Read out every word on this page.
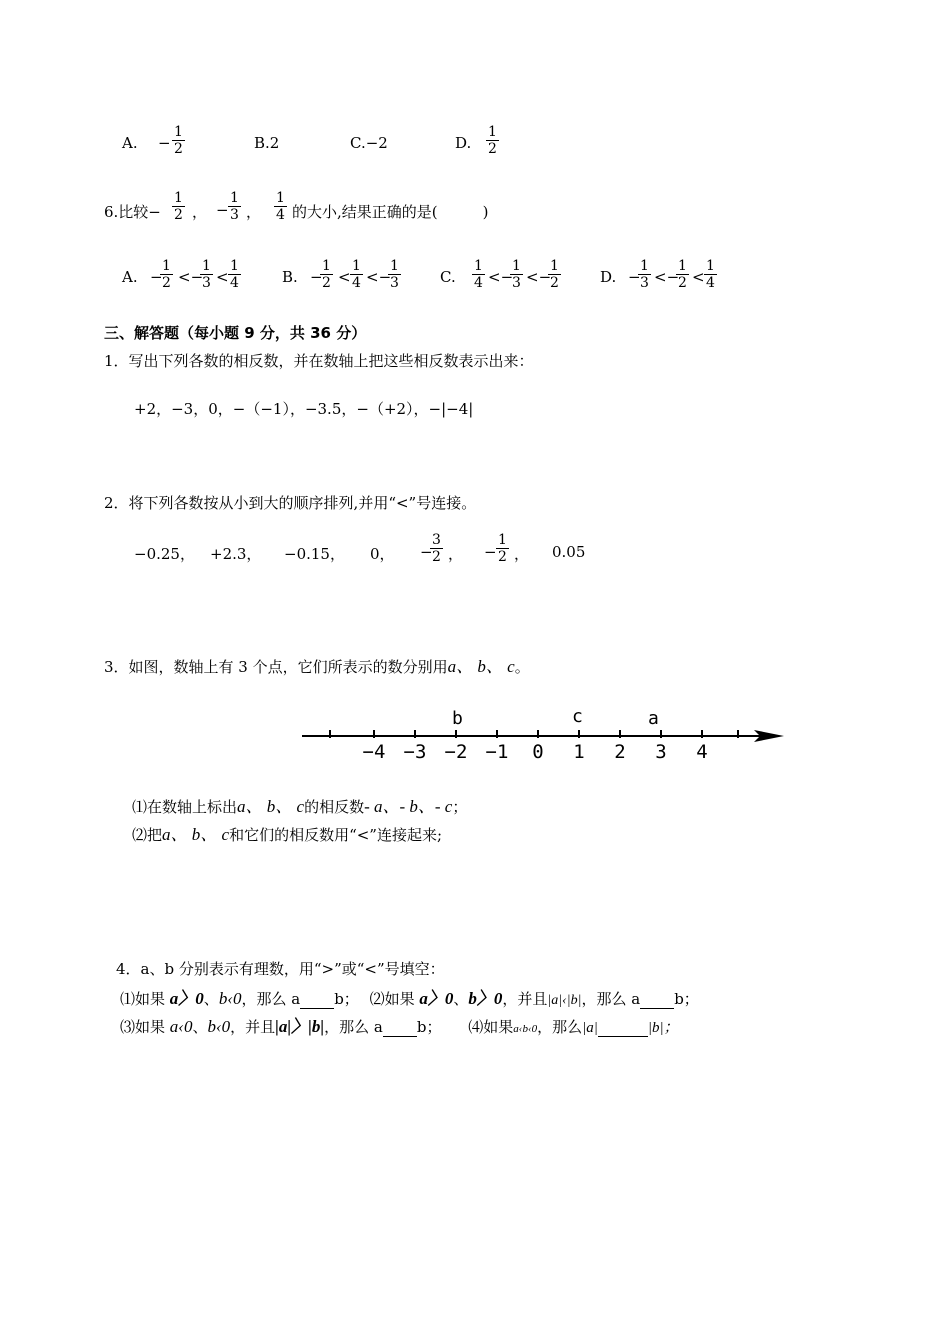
A. − $\frac{1}{2}$	B.2	C.−2	D. $\frac{1}{2}$
6.比较− $\frac{1}{2}$ ， − $\frac{1}{3}$ ， $\frac{1}{4}$ 的大小,结果正确的是(　　　)
A. −
$\frac{1}{2}$ <−
$\frac{1}{3} < \frac{1}{4}$	B. −
$\frac{1}{2} < \frac{1}{4}$ <−
$\frac{1}{3}$	C. $\frac{1}{4}$ <−
$\frac{1}{3}$ <−
$\frac{1}{2}$	D. −
$\frac{1}{3}$ <−
$\frac{1}{2} < \frac{1}{4}$
三、解答题（每小题 9 分，共 36 分）
1．写出下列各数的相反数，并在数轴上把这些相反数表示出来：
+2，−3，0，−（−1），−3.5，−（+2），−|−4|
2．将下列各数按从小到大的顺序排列,并用“<”号连接。
−0.25， +2.3， −0.15， 0， −
$\frac{3}{2}$ ， − $\frac{1}{2}$ ， 0.05
3．如图，数轴上有 3 个点，它们所表示的数分别用a、 b、 c。
−4 −3 −2 −1 0 1 2 3 4
b	c	a
⑴在数轴上标出a、 b、 c的相反数- a、- b、- c；
⑵把a、 b、 c和它们的相反数用“<”连接起来;
4．a、b 分别表示有理数，用“>”或“<”号填空：
⑴如果 a〉0、b‹0，那么 a b； ⑵如果 a〉0、b〉0，并且|a|‹|b|，那么 a b；
⑶如果 a‹0、b‹0，并且|a|〉|b|，那么 a b； ⑷如果a‹b‹0，那么|a|	|b|；
